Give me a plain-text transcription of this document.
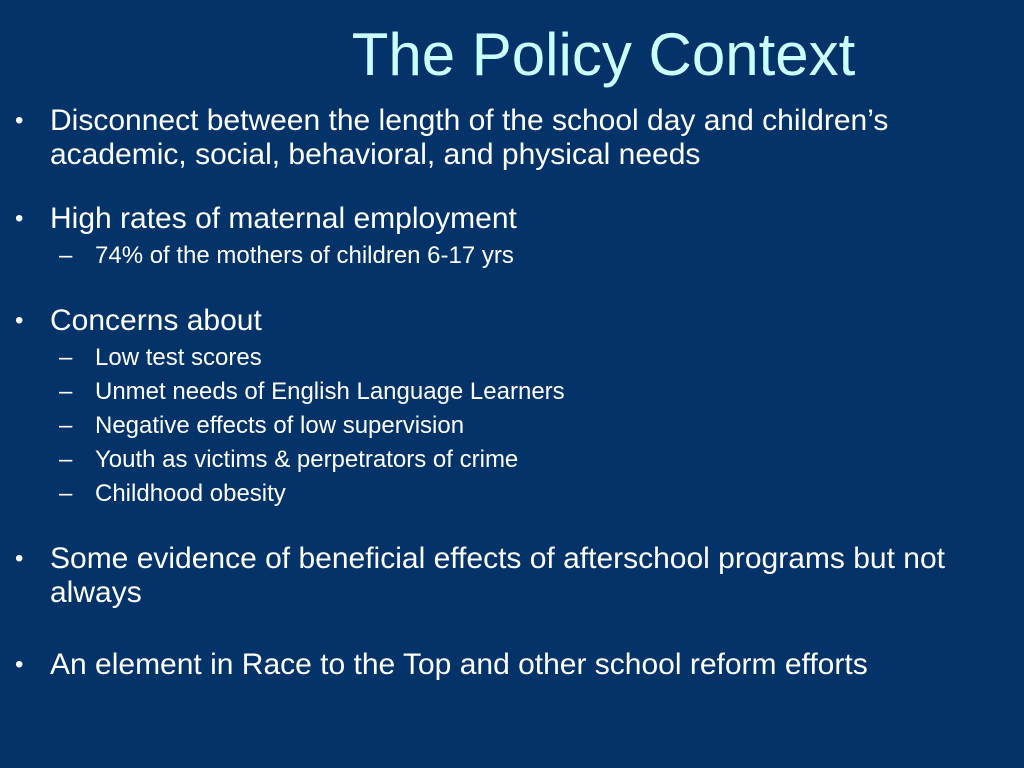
The Policy Context
• Disconnect between the length of the school day and children’s academic, social, behavioral, and physical needs
• High rates of maternal employment
– 74% of the mothers of children 6-17 yrs
• Concerns about
– Low test scores
– Unmet needs of English Language Learners
– Negative effects of low supervision
– Youth as victims & perpetrators of crime
– Childhood obesity
• Some evidence of beneficial effects of afterschool programs but not always
• An element in Race to the Top and other school reform efforts
